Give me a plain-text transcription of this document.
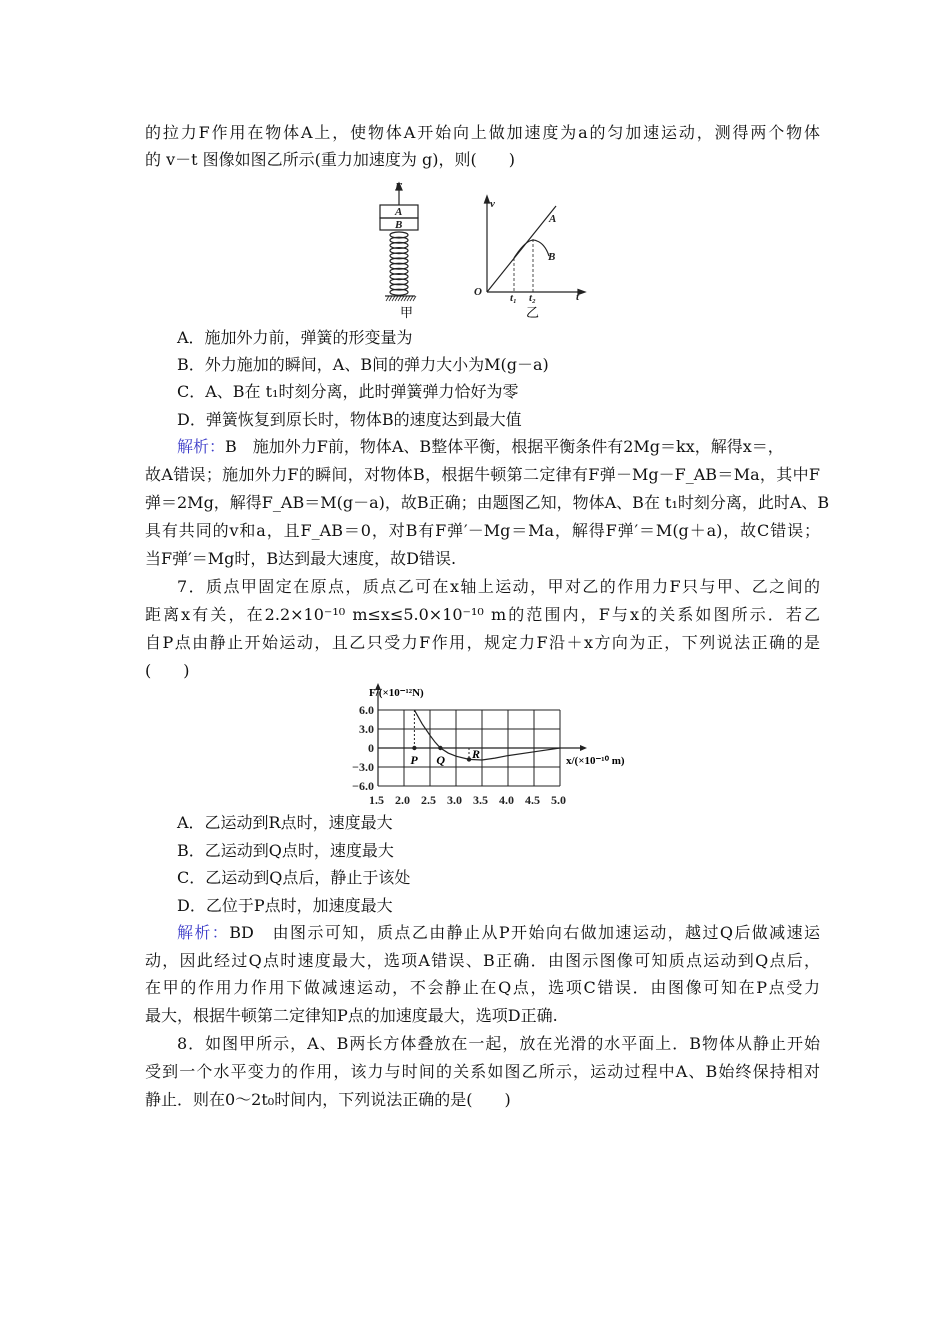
的拉力F作用在物体A上，使物体A开始向上做加速度为a的匀加速运动，测得两个物体
的 v－t 图像如图乙所示(重力加速度为 g)，则(　　)
F
A
B
v
t
O	t₁ t₂
A
B
甲	乙
A．施加外力前，弹簧的形变量为
B．外力施加的瞬间，A、B间的弹力大小为M(g－a)
C．A、B在 t₁时刻分离，此时弹簧弹力恰好为零
D．弹簧恢复到原长时，物体B的速度达到最大值
解析：B　施加外力F前，物体A、B整体平衡，根据平衡条件有2Mg＝kx，解得x＝，
故A错误；施加外力F的瞬间，对物体B，根据牛顿第二定律有F弹－Mg－F_AB＝Ma，其中F
弹＝2Mg，解得F_AB＝M(g－a)，故B正确；由题图乙知，物体A、B在 t₁时刻分离，此时A、B
具有共同的v和a，且F_AB＝0，对B有F弹′－Mg＝Ma，解得F弹′＝M(g＋a)，故C错误；
当F弹′＝Mg时，B达到最大速度，故D错误.
7．质点甲固定在原点，质点乙可在x轴上运动，甲对乙的作用力F只与甲、乙之间的
距离x有关，在2.2×10⁻¹⁰ m≤x≤5.0×10⁻¹⁰ m的范围内，F与x的关系如图所示．若乙
自P点由静止开始运动，且乙只受力F作用，规定力F沿＋x方向为正，下列说法正确的是
(　　)
1.5 2.0 2.5 3.0 3.5 4.0 4.5 5.0
6.0
3.0
0
−3.0
−6.0
P Q R
F/(×10⁻¹²N)
x/(×10⁻¹⁰ m)
A．乙运动到R点时，速度最大
B．乙运动到Q点时，速度最大
C．乙运动到Q点后，静止于该处
D．乙位于P点时，加速度最大
解析：BD　由图示可知，质点乙由静止从P开始向右做加速运动，越过Q后做减速运
动，因此经过Q点时速度最大，选项A错误、B正确．由图示图像可知质点运动到Q点后，
在甲的作用力作用下做减速运动，不会静止在Q点，选项C错误．由图像可知在P点受力
最大，根据牛顿第二定律知P点的加速度最大，选项D正确.
8．如图甲所示，A、B两长方体叠放在一起，放在光滑的水平面上．B物体从静止开始
受到一个水平变力的作用，该力与时间的关系如图乙所示，运动过程中A、B始终保持相对
静止．则在0～2t₀时间内，下列说法正确的是(　　)
